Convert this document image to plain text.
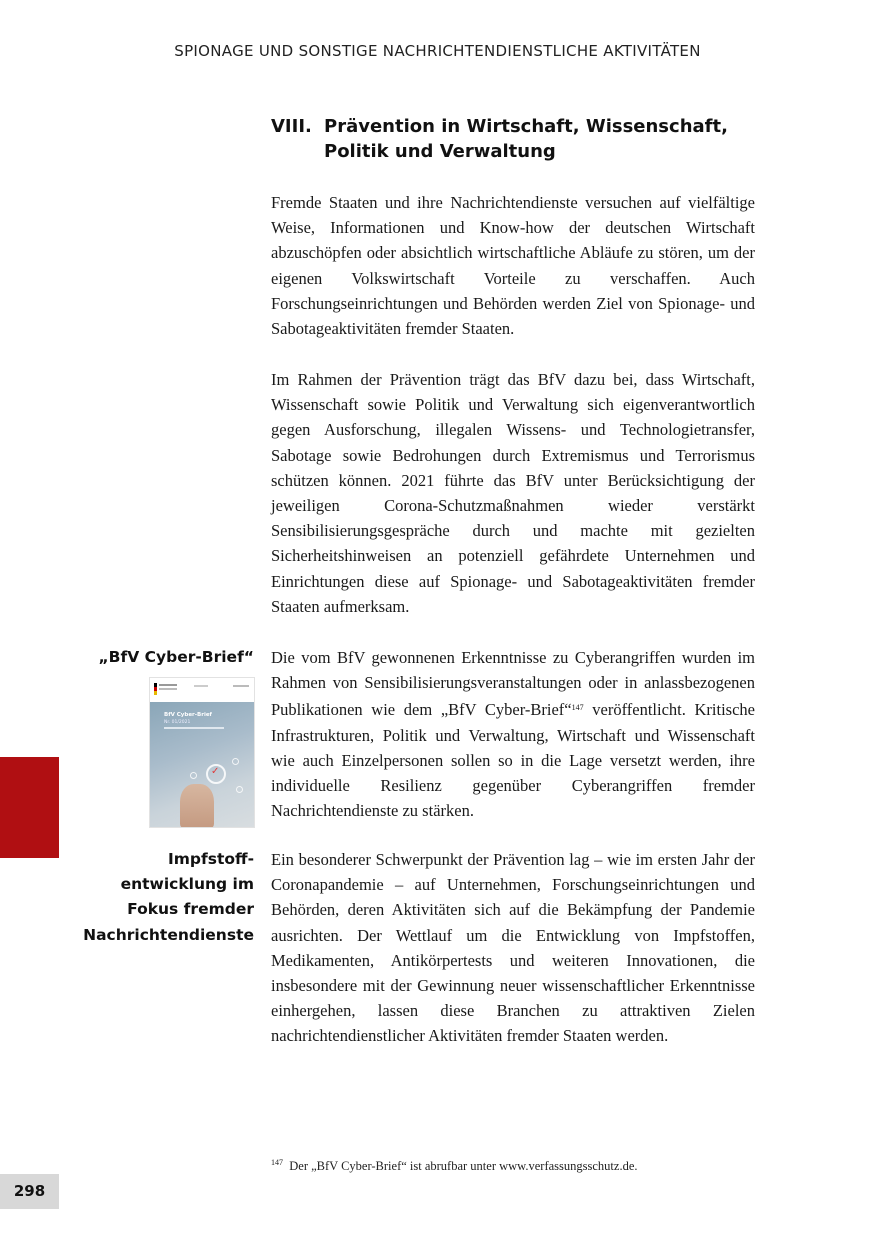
SPIONAGE UND SONSTIGE NACHRICHTENDIENSTLICHE AKTIVITÄTEN
VIII. Prävention in Wirtschaft, Wissenschaft, Politik und Verwaltung

Fremde Staaten und ihre Nachrichtendienste versuchen auf vielfältige Weise, Informationen und Know-how der deutschen Wirtschaft abzuschöpfen oder absichtlich wirtschaftliche Abläufe zu stören, um der eigenen Volkswirtschaft Vorteile zu verschaffen. Auch Forschungseinrichtungen und Behörden werden Ziel von Spionage- und Sabotageaktivitäten fremder Staaten.

Im Rahmen der Prävention trägt das BfV dazu bei, dass Wirtschaft, Wissenschaft sowie Politik und Verwaltung sich eigenverantwortlich gegen Ausforschung, illegalen Wissens- und Technologietransfer, Sabotage sowie Bedrohungen durch Extremismus und Terrorismus schützen können. 2021 führte das BfV unter Berücksichtigung der jeweiligen Corona-Schutzmaßnahmen wieder verstärkt Sensibilisierungsgespräche durch und machte mit gezielten Sicherheitshinweisen an potenziell gefährdete Unternehmen und Einrichtungen diese auf Spionage- und Sabotageaktivitäten fremder Staaten aufmerksam.

„BfV Cyber-Brief“ Die vom BfV gewonnenen Erkenntnisse zu Cyberangriffen wurden im Rahmen von Sensibilisierungsveranstaltungen oder in anlassbezogenen Publikationen wie dem „BfV Cyber-Brief“$^{147}$ veröffentlicht. Kritische Infrastrukturen, Politik und Verwaltung, Wirtschaft und Wissenschaft wie auch Einzelpersonen sollen so in die Lage versetzt werden, ihre individuelle Resilienz gegenüber Cyberangriffen fremder Nachrichtendienste zu stärken.

BfV Cyber-Brief
Nr. 01/2021
✓
Impfstoff-
entwicklung im
Fokus fremder
Nachrichtendienste

Ein besonderer Schwerpunkt der Prävention lag – wie im ersten Jahr der Coronapandemie – auf Unternehmen, Forschungseinrichtungen und Behörden, deren Aktivitäten sich auf die Bekämpfung der Pandemie ausrichten. Der Wettlauf um die Entwicklung von Impfstoffen, Medikamenten, Antikörpertests und weiteren Innovationen, die insbesondere mit der Gewinnung neuer wissenschaftlicher Erkenntnisse einhergehen, lassen diese Branchen zu attraktiven Zielen nachrichtendienstlicher Aktivitäten fremder Staaten werden.

$^{147}$ Der „BfV Cyber-Brief“ ist abrufbar unter www.verfassungsschutz.de.
298
